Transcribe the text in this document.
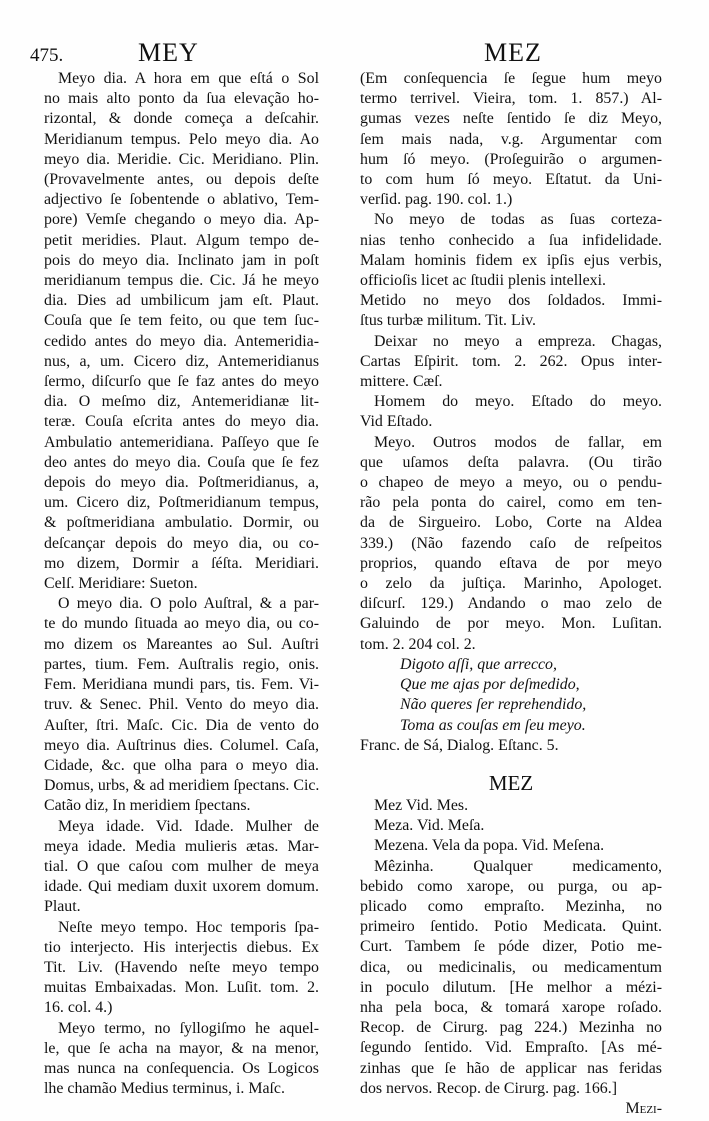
475.	MEY	MEZ
Meyo dia. A hora em que eſtá o Sol
no mais alto ponto da ſua elevação ho-
rizontal, & donde começa a deſcahir.
Meridianum tempus. Pelo meyo dia. Ao
meyo dia. Meridie. Cic. Meridiano. Plin.
(Provavelmente antes, ou depois deſte
adjectivo ſe ſobentende o ablativo, Tem-
pore) Vemſe chegando o meyo dia. Ap-
petit meridies. Plaut. Algum tempo de-
pois do meyo dia. Inclinato jam in poſt
meridianum tempus die. Cic. Já he meyo
dia. Dies ad umbilicum jam eſt. Plaut.
Couſa que ſe tem feito, ou que tem ſuc-
cedido antes do meyo dia. Antemeridia-
nus, a, um. Cicero diz, Antemeridianus
ſermo, diſcurſo que ſe faz antes do meyo
dia. O meſmo diz, Antemeridianæ lit-
teræ. Couſa eſcrita antes do meyo dia.
Ambulatio antemeridiana. Paſſeyo que ſe
deo antes do meyo dia. Couſa que ſe fez
depois do meyo dia. Poſtmeridianus, a,
um. Cicero diz, Poſtmeridianum tempus,
& poſtmeridiana ambulatio. Dormir, ou
deſcançar depois do meyo dia, ou co-
mo dizem, Dormir a ſéſta. Meridiari.
Celſ. Meridiare: Sueton.
O meyo dia. O polo Auſtral, & a par-
te do mundo ſituada ao meyo dia, ou co-
mo dizem os Mareantes ao Sul. Auſtri
partes, tium. Fem. Auſtralis regio, onis.
Fem. Meridiana mundi pars, tis. Fem. Vi-
truv. & Senec. Phil. Vento do meyo dia.
Auſter, ſtri. Maſc. Cic. Dia de vento do
meyo dia. Auſtrinus dies. Columel. Caſa,
Cidade, &c. que olha para o meyo dia.
Domus, urbs, & ad meridiem ſpectans. Cic.
Catão diz, In meridiem ſpectans.
Meya idade. Vid. Idade. Mulher de
meya idade. Media mulieris ætas. Mar-
tial. O que caſou com mulher de meya
idade. Qui mediam duxit uxorem domum.
Plaut.
Neſte meyo tempo. Hoc temporis ſpa-
tio interjecto. His interjectis diebus. Ex
Tit. Liv. (Havendo neſte meyo tempo
muitas Embaixadas. Mon. Luſit. tom. 2.
16. col. 4.)
Meyo termo, no ſyllogiſmo he aquel-
le, que ſe acha na mayor, & na menor,
mas nunca na conſequencia. Os Logicos
lhe chamão Medius terminus, i. Maſc.
(Em conſequencia ſe ſegue hum meyo
termo terrivel. Vieira, tom. 1. 857.) Al-
gumas vezes neſte ſentido ſe diz Meyo,
ſem mais nada, v.g. Argumentar com
hum ſó meyo. (Proſeguirão o argumen-
to com hum ſó meyo. Eſtatut. da Uni-
verſid. pag. 190. col. 1.)
No meyo de todas as ſuas corteza-
nias tenho conhecido a ſua infidelidade.
Malam hominis fidem ex ipſis ejus verbis,
officioſis licet ac ſtudii plenis intellexi.
Metido no meyo dos ſoldados. Immi-
ſtus turbæ militum. Tit. Liv.
Deixar no meyo a empreza. Chagas,
Cartas Eſpirit. tom. 2. 262. Opus inter-
mittere. Cæſ.
Homem do meyo. Eſtado do meyo.
Vid Eſtado.
Meyo. Outros modos de fallar, em
que uſamos deſta palavra. (Ou tirão
o chapeo de meyo a meyo, ou o pendu-
rão pela ponta do cairel, como em ten-
da de Sirgueiro. Lobo, Corte na Aldea
339.) (Não fazendo caſo de reſpeitos
proprios, quando eſtava de por meyo
o zelo da juſtiça. Marinho, Apologet.
diſcurſ. 129.) Andando o mao zelo de
Galuindo de por meyo. Mon. Luſitan.
tom. 2. 204 col. 2.
Digoto aſſi, que arrecco,
Que me ajas por deſmedido,
Não queres ſer reprehendido,
Toma as couſas em ſeu meyo.
Franc. de Sá, Dialog. Eſtanc. 5.
MEZ
Mez Vid. Mes.
Meza. Vid. Meſa.
Mezena. Vela da popa. Vid. Meſena.
Mêzinha. Qualquer medicamento,
bebido como xarope, ou purga, ou ap-
plicado como empraſto. Mezinha, no
primeiro ſentido. Potio Medicata. Quint.
Curt. Tambem ſe póde dizer, Potio me-
dica, ou medicinalis, ou medicamentum
in poculo dilutum. [He melhor a mézi-
nha pela boca, & tomará xarope roſado.
Recop. de Cirurg. pag 224.) Mezinha no
ſegundo ſentido. Vid. Empraſto. [As mé-
zinhas que ſe hão de applicar nas feridas
dos nervos. Recop. de Cirurg. pag. 166.]
Mezi-
